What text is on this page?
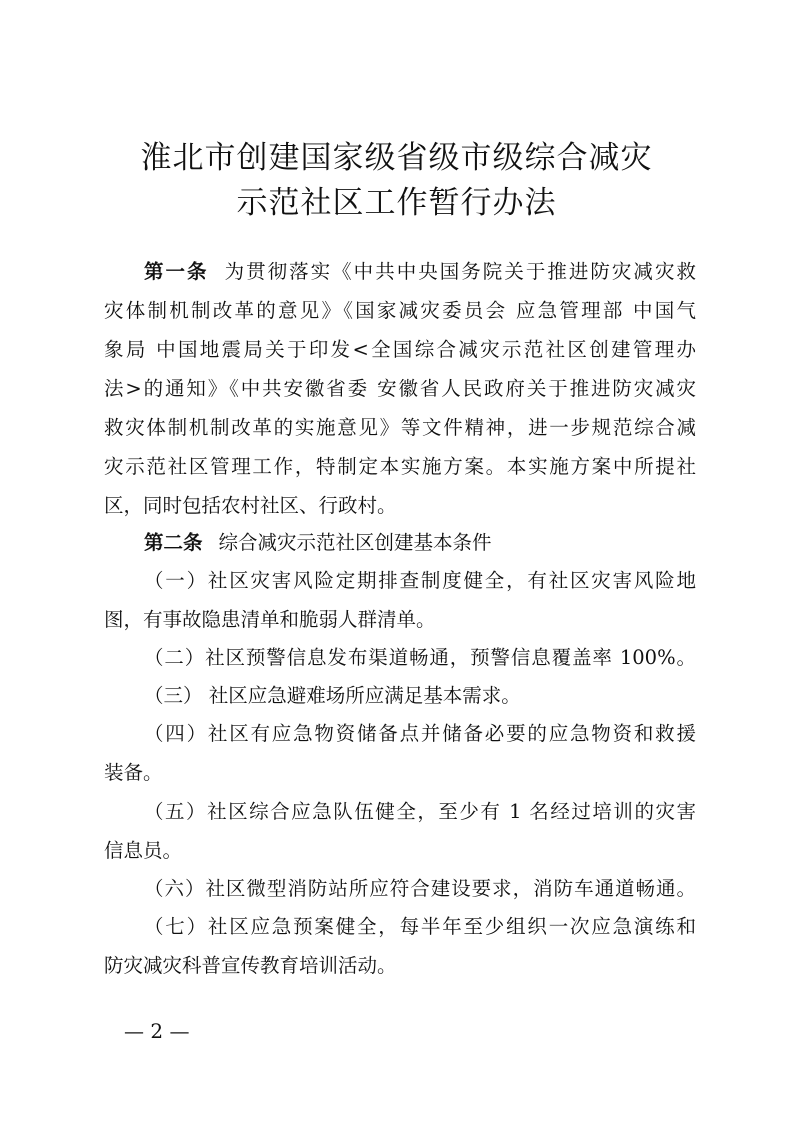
淮北市创建国家级省级市级综合减灾
示范社区工作暂行办法
第一条 为贯彻落实《中共中央国务院关于推进防灾减灾救
灾体制机制改革的意见》《国家减灾委员会 应急管理部 中国气
象局 中国地震局关于印发<全国综合减灾示范社区创建管理办
法>的通知》《中共安徽省委 安徽省人民政府关于推进防灾减灾
救灾体制机制改革的实施意见》等文件精神，进一步规范综合减
灾示范社区管理工作，特制定本实施方案。本实施方案中所提社
区，同时包括农村社区、行政村。
第二条 综合减灾示范社区创建基本条件
（一）社区灾害风险定期排查制度健全，有社区灾害风险地
图，有事故隐患清单和脆弱人群清单。
（二）社区预警信息发布渠道畅通，预警信息覆盖率 100%。
（三） 社区应急避难场所应满足基本需求。
（四）社区有应急物资储备点并储备必要的应急物资和救援
装备。
（五）社区综合应急队伍健全，至少有 1 名经过培训的灾害
信息员。
（六）社区微型消防站所应符合建设要求，消防车通道畅通。
（七）社区应急预案健全，每半年至少组织一次应急演练和
防灾减灾科普宣传教育培训活动。
— 2 —
